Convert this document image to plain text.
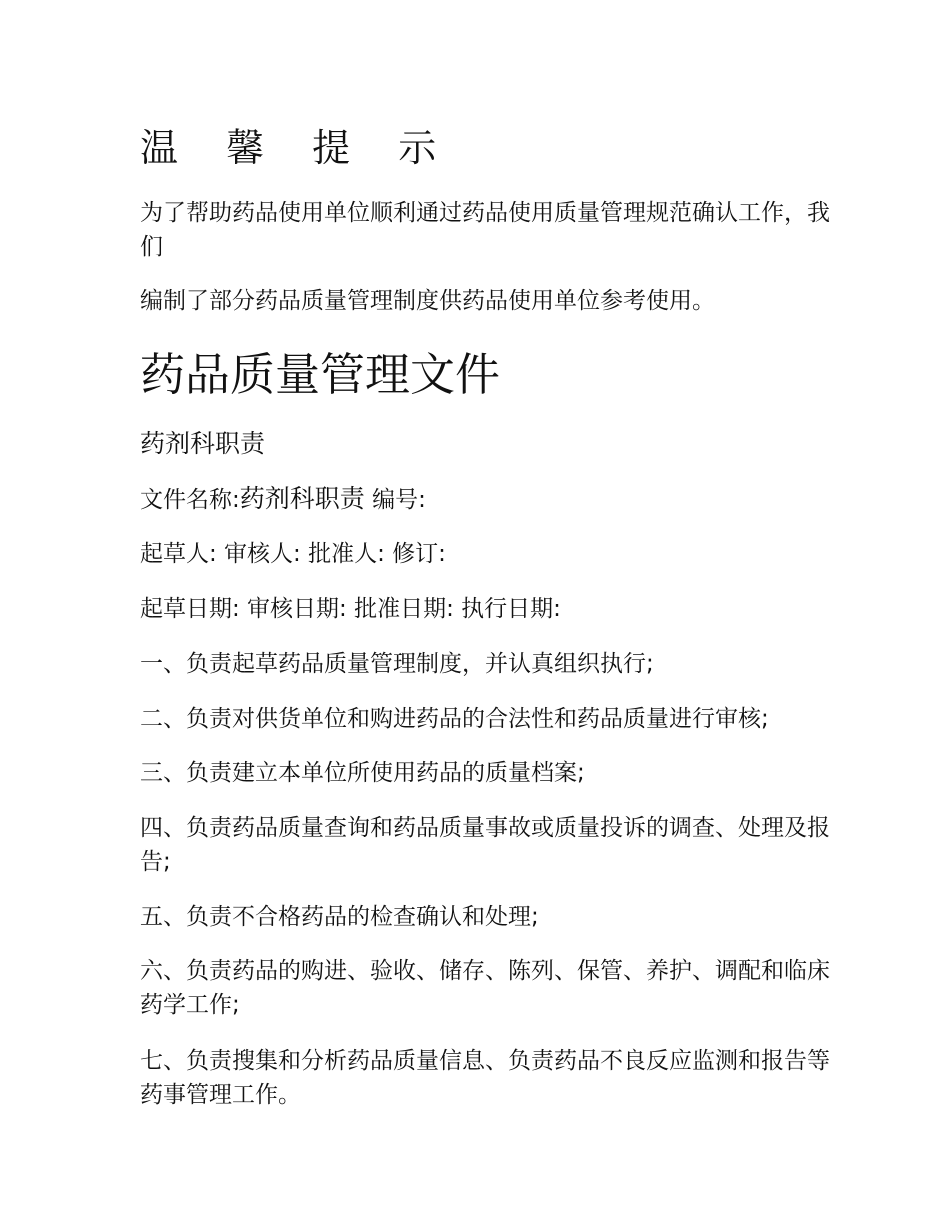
温 馨 提 示
为了帮助药品使用单位顺利通过药品使用质量管理规范确认工作，我们
编制了部分药品质量管理制度供药品使用单位参考使用。
药品质量管理文件
药剂科职责
文件名称:药剂科职责 编号:
起草人: 审核人: 批准人: 修订:
起草日期: 审核日期: 批准日期: 执行日期:
一、负责起草药品质量管理制度，并认真组织执行;
二、负责对供货单位和购进药品的合法性和药品质量进行审核;
三、负责建立本单位所使用药品的质量档案;
四、负责药品质量查询和药品质量事故或质量投诉的调查、处理及报告;
五、负责不合格药品的检查确认和处理;
六、负责药品的购进、验收、储存、陈列、保管、养护、调配和临床药学工作;
七、负责搜集和分析药品质量信息、负责药品不良反应监测和报告等药事管理工作。
